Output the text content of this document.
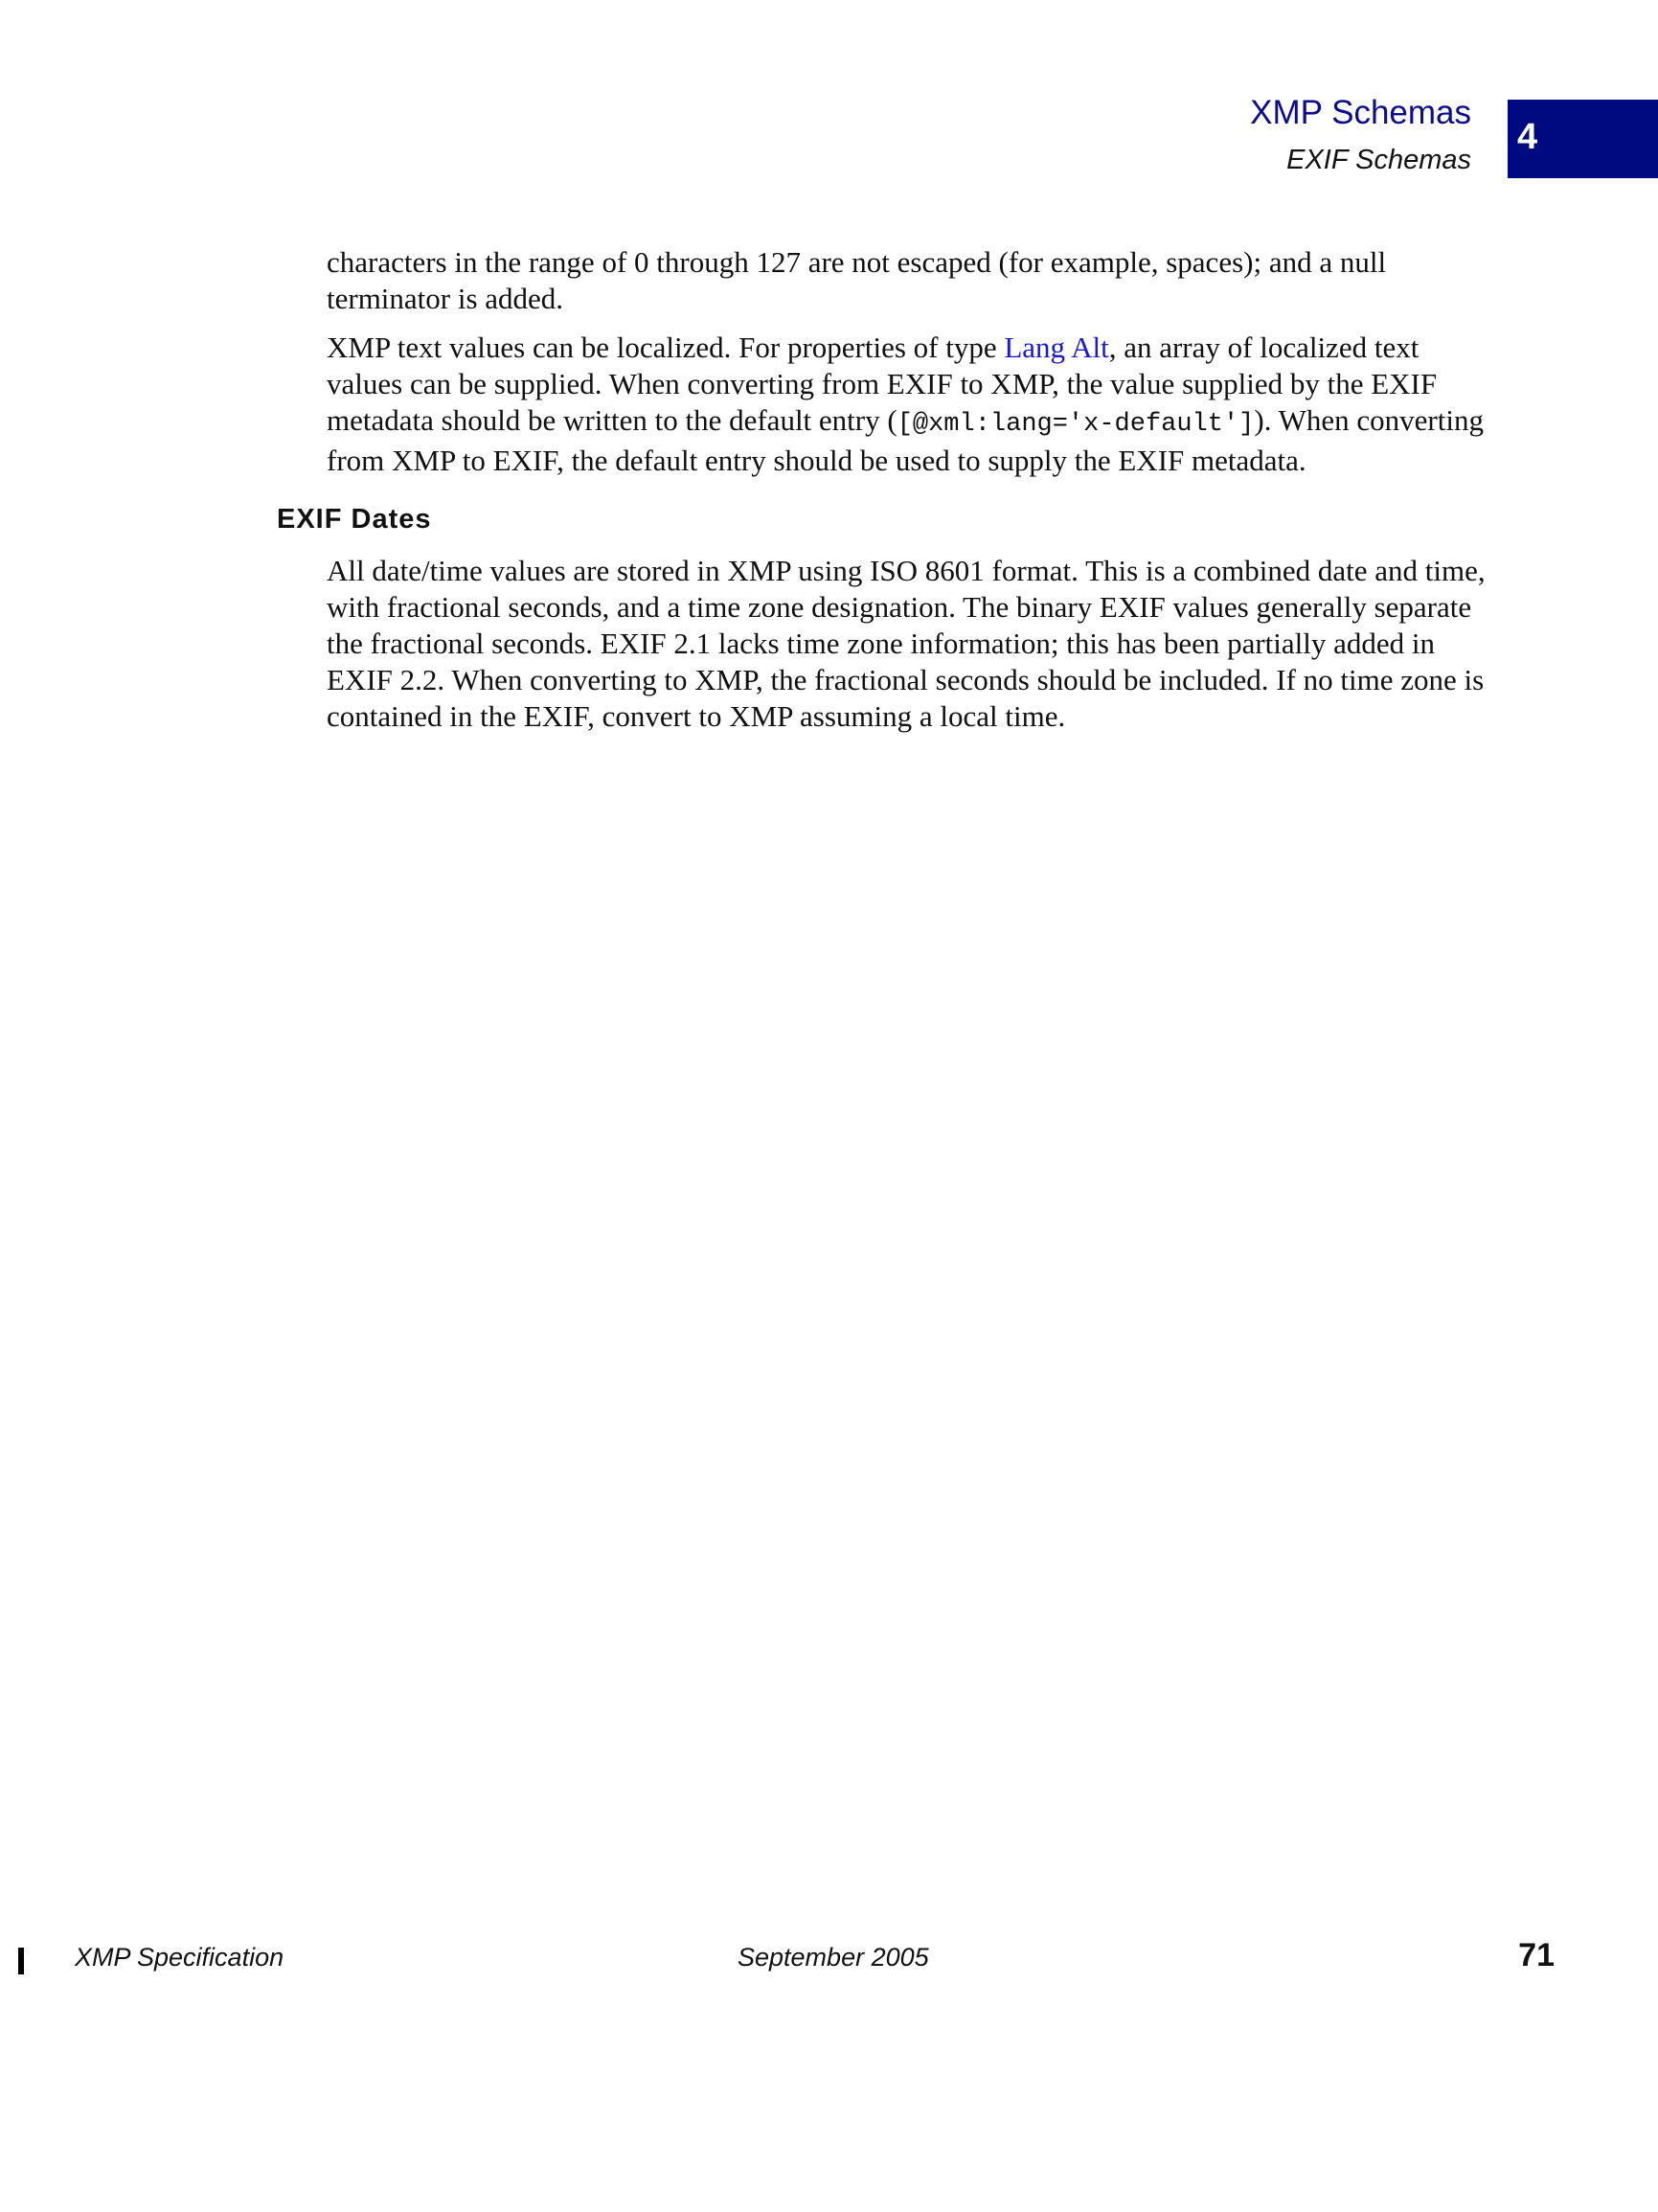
XMP Schemas
EXIF Schemas
4

characters in the range of 0 through 127 are not escaped (for example, spaces); and a null terminator is added.

XMP text values can be localized. For properties of type Lang Alt, an array of localized text values can be supplied. When converting from EXIF to XMP, the value supplied by the EXIF metadata should be written to the default entry ([@xml:lang='x-default']). When converting from XMP to EXIF, the default entry should be used to supply the EXIF metadata.

EXIF Dates

All date/time values are stored in XMP using ISO 8601 format. This is a combined date and time, with fractional seconds, and a time zone designation. The binary EXIF values generally separate the fractional seconds. EXIF 2.1 lacks time zone information; this has been partially added in EXIF 2.2. When converting to XMP, the fractional seconds should be included. If no time zone is contained in the EXIF, convert to XMP assuming a local time.

XMP Specification	September 2005	71
